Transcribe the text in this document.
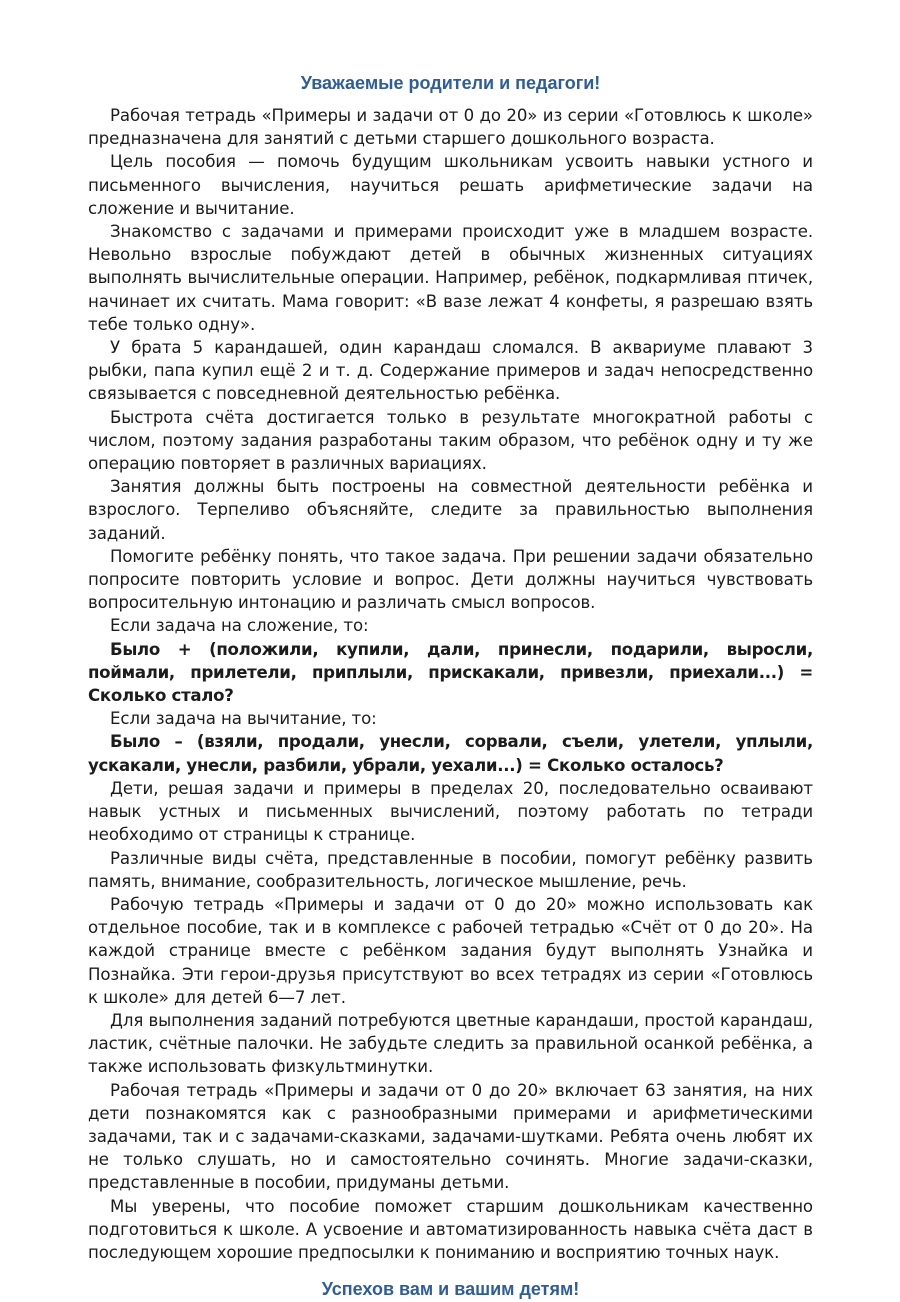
Уважаемые родители и педагоги!

Рабочая тетрадь «Примеры и задачи от 0 до 20» из серии «Готовлюсь к школе» предназначена для занятий с детьми старшего дошкольного возраста.

Цель пособия — помочь будущим школьникам усвоить навыки устного и письменного вычисления, научиться решать арифметические задачи на сложение и вычитание.

Знакомство с задачами и примерами происходит уже в младшем возрасте. Невольно взрослые побуждают детей в обычных жизненных ситуациях выполнять вычислительные операции. Например, ребёнок, подкармливая птичек, начинает их считать. Мама говорит: «В вазе лежат 4 конфеты, я разрешаю взять тебе только одну».

У брата 5 карандашей, один карандаш сломался. В аквариуме плавают 3 рыбки, папа купил ещё 2 и т. д. Содержание примеров и задач непосредственно связывается с повседневной деятельностью ребёнка.

Быстрота счёта достигается только в результате многократной работы с числом, поэтому задания разработаны таким образом, что ребёнок одну и ту же операцию повторяет в различных вариациях.

Занятия должны быть построены на совместной деятельности ребёнка и взрослого. Терпеливо объясняйте, следите за правильностью выполнения заданий.

Помогите ребёнку понять, что такое задача. При решении задачи обязательно попросите повторить условие и вопрос. Дети должны научиться чувствовать вопросительную интонацию и различать смысл вопросов.

Если задача на сложение, то:

Было + (положили, купили, дали, принесли, подарили, выросли, поймали, прилетели, приплыли, прискакали, привезли, приехали...) = Сколько стало?

Если задача на вычитание, то:

Было – (взяли, продали, унесли, сорвали, съели, улетели, уплыли, ускакали, унесли, разбили, убрали, уехали...) = Сколько осталось?

Дети, решая задачи и примеры в пределах 20, последовательно осваивают навык устных и письменных вычислений, поэтому работать по тетради необходимо от страницы к странице.

Различные виды счёта, представленные в пособии, помогут ребёнку развить память, внимание, сообразительность, логическое мышление, речь.

Рабочую тетрадь «Примеры и задачи от 0 до 20» можно использовать как отдельное пособие, так и в комплексе с рабочей тетрадью «Счёт от 0 до 20». На каждой странице вместе с ребёнком задания будут выполнять Узнайка и Познайка. Эти герои-друзья присутствуют во всех тетрадях из серии «Готовлюсь к школе» для детей 6—7 лет.

Для выполнения заданий потребуются цветные карандаши, простой карандаш, ластик, счётные палочки. Не забудьте следить за правильной осанкой ребёнка, а также использовать физкультминутки.

Рабочая тетрадь «Примеры и задачи от 0 до 20» включает 63 занятия, на них дети познакомятся как с разнообразными примерами и арифметическими задачами, так и с задачами-сказками, задачами-шутками. Ребята очень любят их не только слушать, но и самостоятельно сочинять. Многие задачи-сказки, представленные в пособии, придуманы детьми.

Мы уверены, что пособие поможет старшим дошкольникам качественно подготовиться к школе. А усвоение и автоматизированность навыка счёта даст в последующем хорошие предпосылки к пониманию и восприятию точных наук.

Успехов вам и вашим детям!
